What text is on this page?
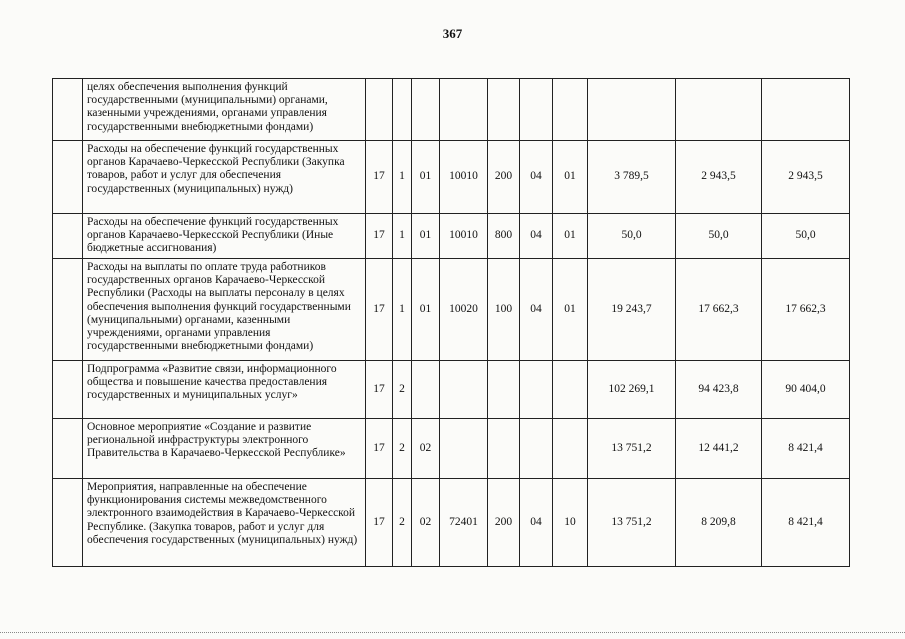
367
	целях обеспечения выполнения функций государственными (муниципальными) органами, казенными учреждениями, органами управления государственными внебюджетными фондами)										
	Расходы на обеспечение функций государственных органов Карачаево-Черкесской Республики (Закупка товаров, работ и услуг для обеспечения государственных (муниципальных) нужд)	17	1	01	10010	200	04	01	3 789,5	2 943,5	2 943,5
	Расходы на обеспечение функций государственных органов Карачаево-Черкесской Республики (Иные бюджетные ассигнования)	17	1	01	10010	800	04	01	50,0	50,0	50,0
	Расходы на выплаты по оплате труда работников государственных органов Карачаево-Черкесской Республики (Расходы на выплаты персоналу в целях обеспечения выполнения функций государственными (муниципальными) органами, казенными учреждениями, органами управления государственными внебюджетными фондами)	17	1	01	10020	100	04	01	19 243,7	17 662,3	17 662,3
	Подпрограмма «Развитие связи, информационного общества и повышение качества предоставления государственных и муниципальных услуг»	17	2						102 269,1	94 423,8	90 404,0
	Основное мероприятие «Создание и развитие региональной инфраструктуры электронного Правительства в Карачаево-Черкесской Республике»	17	2	02					13 751,2	12 441,2	8 421,4
	Мероприятия, направленные на обеспечение функционирования системы межведомственного электронного взаимодействия в Карачаево-Черкесской Республике. (Закупка товаров, работ и услуг для обеспечения государственных (муниципальных) нужд)	17	2	02	72401	200	04	10	13 751,2	8 209,8	8 421,4
